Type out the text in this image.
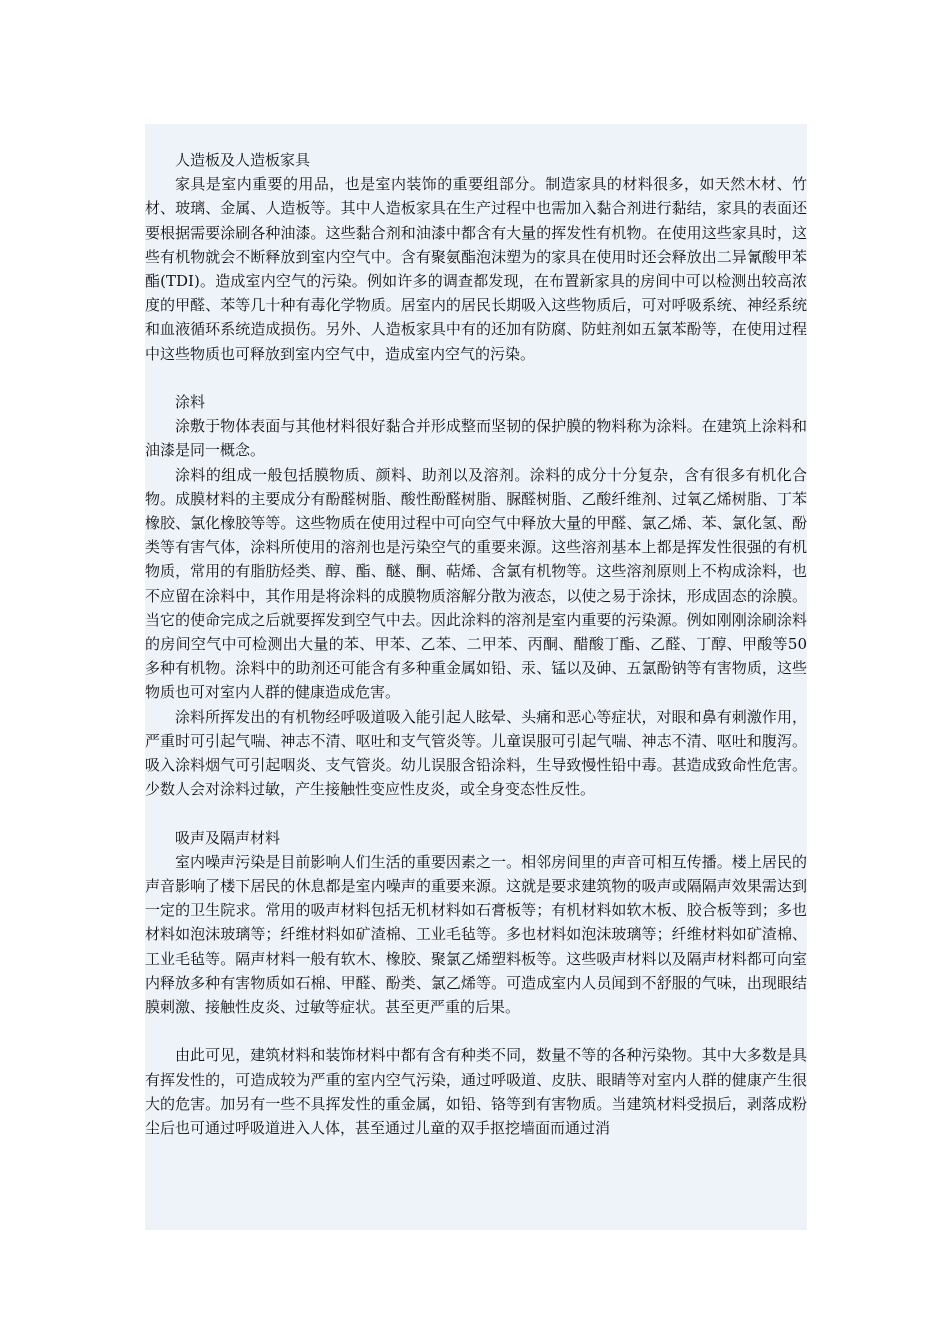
人造板及人造板家具

家具是室内重要的用品，也是室内装饰的重要组部分。制造家具的材料很多，如天然木材、竹材、玻璃、金属、人造板等。其中人造板家具在生产过程中也需加入黏合剂进行黏结，家具的表面还要根据需要涂刷各种油漆。这些黏合剂和油漆中都含有大量的挥发性有机物。在使用这些家具时，这些有机物就会不断释放到室内空气中。含有聚氨酯泡沫塑为的家具在使用时还会释放出二异氰酸甲苯酯(TDI)。造成室内空气的污染。例如许多的调查都发现，在布置新家具的房间中可以检测出较高浓度的甲醛、苯等几十种有毒化学物质。居室内的居民长期吸入这些物质后，可对呼吸系统、神经系统和血液循环系统造成损伤。另外、人造板家具中有的还加有防腐、防蛀剂如五氯苯酚等，在使用过程中这些物质也可释放到室内空气中，造成室内空气的污染。

涂料

涂敷于物体表面与其他材料很好黏合并形成整而坚韧的保护膜的物料称为涂料。在建筑上涂料和油漆是同一概念。

涂料的组成一般包括膜物质、颜料、助剂以及溶剂。涂料的成分十分复杂，含有很多有机化合物。成膜材料的主要成分有酚醛树脂、酸性酚醛树脂、脲醛树脂、乙酸纤维剂、过氧乙烯树脂、丁苯橡胶、氯化橡胶等等。这些物质在使用过程中可向空气中释放大量的甲醛、氯乙烯、苯、氯化氢、酚类等有害气体，涂料所使用的溶剂也是污染空气的重要来源。这些溶剂基本上都是挥发性很强的有机物质，常用的有脂肪烃类、醇、酯、醚、酮、萜烯、含氯有机物等。这些溶剂原则上不构成涂料，也不应留在涂料中，其作用是将涂料的成膜物质溶解分散为液态，以使之易于涂抹，形成固态的涂膜。当它的使命完成之后就要挥发到空气中去。因此涂料的溶剂是室内重要的污染源。例如刚刚涂刷涂料的房间空气中可检测出大量的苯、甲苯、乙苯、二甲苯、丙酮、醋酸丁酯、乙醛、丁醇、甲酸等50多种有机物。涂料中的助剂还可能含有多种重金属如铅、汞、锰以及砷、五氯酚钠等有害物质，这些物质也可对室内人群的健康造成危害。

涂料所挥发出的有机物经呼吸道吸入能引起人眩晕、头痛和恶心等症状，对眼和鼻有刺激作用，严重时可引起气喘、神志不清、呕吐和支气管炎等。儿童误服可引起气喘、神志不清、呕吐和腹泻。吸入涂料烟气可引起咽炎、支气管炎。幼儿误服含铅涂料，生导致慢性铅中毒。甚造成致命性危害。少数人会对涂料过敏，产生接触性变应性皮炎，或全身变态性反性。

吸声及隔声材料

室内噪声污染是目前影响人们生活的重要因素之一。相邻房间里的声音可相互传播。楼上居民的声音影响了楼下居民的休息都是室内噪声的重要来源。这就是要求建筑物的吸声或隔隔声效果需达到一定的卫生院求。常用的吸声材料包括无机材料如石膏板等；有机材料如软木板、胶合板等到；多也材料如泡沫玻璃等；纤维材料如矿渣棉、工业毛毡等。多也材料如泡沫玻璃等；纤维材料如矿渣棉、工业毛毡等。隔声材料一般有软木、橡胶、聚氯乙烯塑料板等。这些吸声材料以及隔声材料都可向室内释放多种有害物质如石棉、甲醛、酚类、氯乙烯等。可造成室内人员闻到不舒服的气味，出现眼结膜刺激、接触性皮炎、过敏等症状。甚至更严重的后果。

由此可见，建筑材料和装饰材料中都有含有种类不同，数量不等的各种污染物。其中大多数是具有挥发性的，可造成较为严重的室内空气污染，通过呼吸道、皮肤、眼睛等对室内人群的健康产生很大的危害。加另有一些不具挥发性的重金属，如铅、铬等到有害物质。当建筑材料受损后，剥落成粉尘后也可通过呼吸道进入人体，甚至通过儿童的双手抠挖墙面而通过消
